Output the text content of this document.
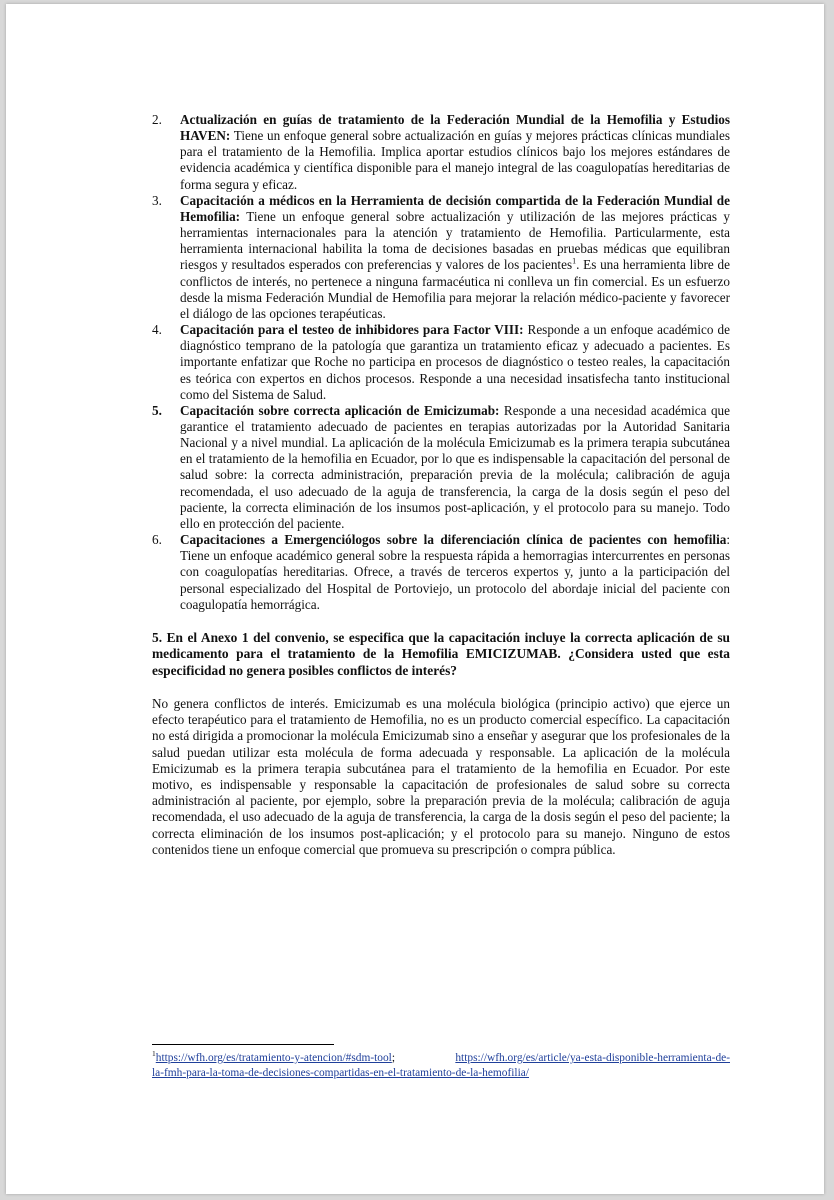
2.	Actualización en guías de tratamiento de la Federación Mundial de la Hemofilia y Estudios HAVEN: Tiene un enfoque general sobre actualización en guías y mejores prácticas clínicas mundiales para el tratamiento de la Hemofilia. Implica aportar estudios clínicos bajo los mejores estándares de evidencia académica y científica disponible para el manejo integral de las coagulopatías hereditarias de forma segura y eficaz.
3.	Capacitación a médicos en la Herramienta de decisión compartida de la Federación Mundial de Hemofilia: Tiene un enfoque general sobre actualización y utilización de las mejores prácticas y herramientas internacionales para la atención y tratamiento de Hemofilia. Particularmente, esta herramienta internacional habilita la toma de decisiones basadas en pruebas médicas que equilibran riesgos y resultados esperados con preferencias y valores de los pacientes$^1$. Es una herramienta libre de conflictos de interés, no pertenece a ninguna farmacéutica ni conlleva un fin comercial. Es un esfuerzo desde la misma Federación Mundial de Hemofilia para mejorar la relación médico-paciente y favorecer el diálogo de las opciones terapéuticas.
4.	Capacitación para el testeo de inhibidores para Factor VIII: Responde a un enfoque académico de diagnóstico temprano de la patología que garantiza un tratamiento eficaz y adecuado a pacientes. Es importante enfatizar que Roche no participa en procesos de diagnóstico o testeo reales, la capacitación es teórica con expertos en dichos procesos. Responde a una necesidad insatisfecha tanto institucional como del Sistema de Salud.
5.	Capacitación sobre correcta aplicación de Emicizumab: Responde a una necesidad académica que garantice el tratamiento adecuado de pacientes en terapias autorizadas por la Autoridad Sanitaria Nacional y a nivel mundial. La aplicación de la molécula Emicizumab es la primera terapia subcutánea en el tratamiento de la hemofilia en Ecuador, por lo que es indispensable la capacitación del personal de salud sobre: la correcta administración, preparación previa de la molécula; calibración de aguja recomendada, el uso adecuado de la aguja de transferencia, la carga de la dosis según el peso del paciente, la correcta eliminación de los insumos post-aplicación, y el protocolo para su manejo. Todo ello en protección del paciente.
6.	Capacitaciones a Emergenciólogos sobre la diferenciación clínica de pacientes con hemofilia: Tiene un enfoque académico general sobre la respuesta rápida a hemorragias intercurrentes en personas con coagulopatías hereditarias. Ofrece, a través de terceros expertos y, junto a la participación del personal especializado del Hospital de Portoviejo, un protocolo del abordaje inicial del paciente con coagulopatía hemorrágica.

5. En el Anexo 1 del convenio, se especifica que la capacitación incluye la correcta aplicación de su medicamento para el tratamiento de la Hemofilia EMICIZUMAB. ¿Considera usted que esta especificidad no genera posibles conflictos de interés?

No genera conflictos de interés. Emicizumab es una molécula biológica (principio activo) que ejerce un efecto terapéutico para el tratamiento de Hemofilia, no es un producto comercial específico. La capacitación no está dirigida a promocionar la molécula Emicizumab sino a enseñar y asegurar que los profesionales de la salud puedan utilizar esta molécula de forma adecuada y responsable. La aplicación de la molécula Emicizumab es la primera terapia subcutánea para el tratamiento de la hemofilia en Ecuador. Por este motivo, es indispensable y responsable la capacitación de profesionales de salud sobre su correcta administración al paciente, por ejemplo, sobre la preparación previa de la molécula; calibración de aguja recomendada, el uso adecuado de la aguja de transferencia, la carga de la dosis según el peso del paciente; la correcta eliminación de los insumos post-aplicación; y el protocolo para su manejo. Ninguno de estos contenidos tiene un enfoque comercial que promueva su prescripción o compra pública.

$^1$https://wfh.org/es/tratamiento-y-atencion/#sdm-tool;	https://wfh.org/es/article/ya-esta-disponible-herramienta-de-la-fmh-para-la-toma-de-decisiones-compartidas-en-el-tratamiento-de-la-hemofilia/
